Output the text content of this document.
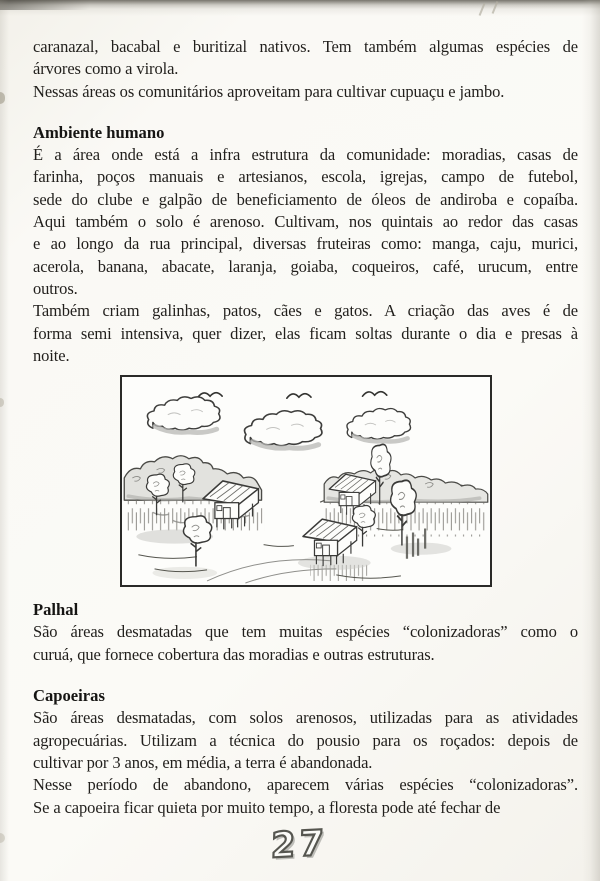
caranazal, bacabal e buritizal nativos. Tem também algumas espécies de
árvores como a virola.
Nessas áreas os comunitários aproveitam para cultivar cupuaçu e jambo.
Ambiente humano
É a área onde está a infra estrutura da comunidade: moradias, casas de
farinha, poços manuais e artesianos, escola, igrejas, campo de futebol,
sede do clube e galpão de beneficiamento de óleos de andiroba e copaíba.
Aqui também o solo é arenoso. Cultivam, nos quintais ao redor das casas
e ao longo da rua principal, diversas fruteiras como: manga, caju, murici,
acerola, banana, abacate, laranja, goiaba, coqueiros, café, urucum, entre
outros.
Também criam galinhas, patos, cães e gatos. A criação das aves é de
forma semi intensiva, quer dizer, elas ficam soltas durante o dia e presas à
noite.
Palhal
São áreas desmatadas que tem muitas espécies “colonizadoras” como o
curuá, que fornece cobertura das moradias e outras estruturas.
Capoeiras
São áreas desmatadas, com solos arenosos, utilizadas para as atividades
agropecuárias. Utilizam a técnica do pousio para os roçados: depois de
cultivar por 3 anos, em média, a terra é abandonada.
Nesse período de abandono, aparecem várias espécies “colonizadoras”.
Se a capoeira ficar quieta por muito tempo, a floresta pode até fechar de
27
